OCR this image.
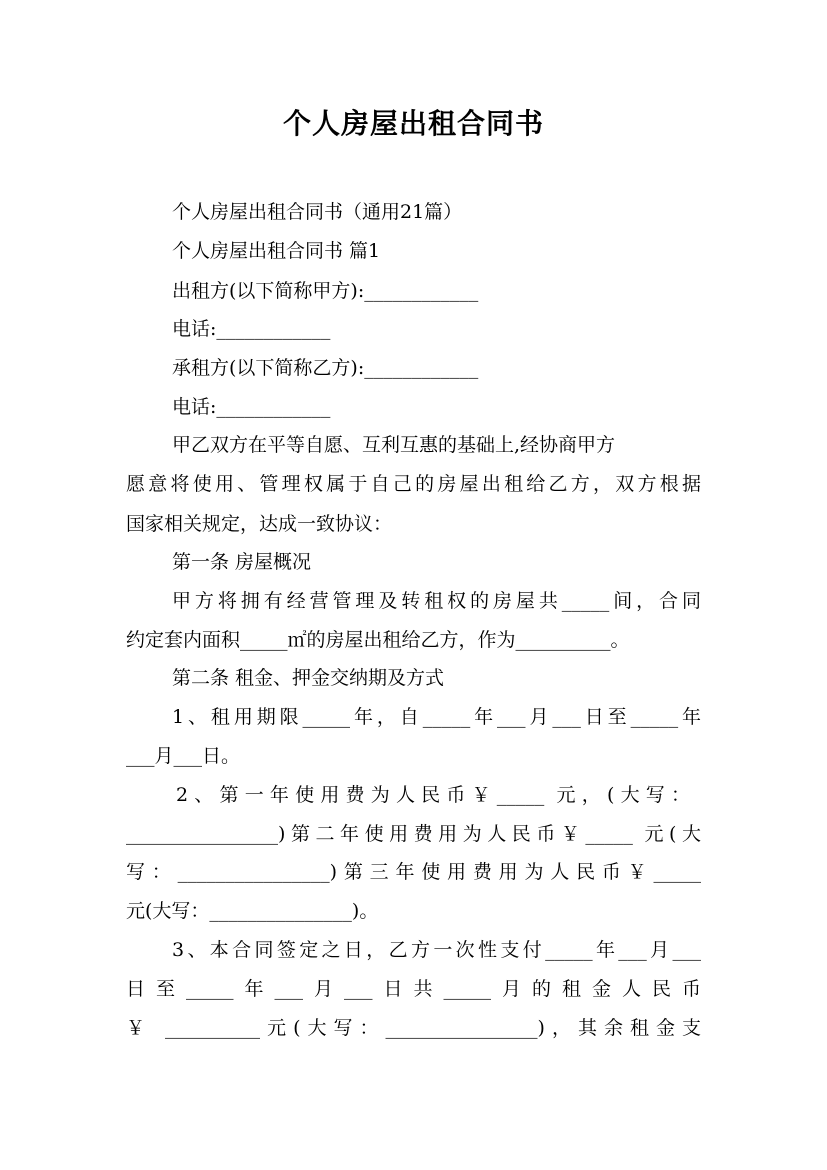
个人房屋出租合同书
个人房屋出租合同书（通用21篇）
个人房屋出租合同书 篇1
出租方(以下简称甲方):____________
电话:____________
承租方(以下简称乙方):____________
电话:____________
甲乙双方在平等自愿、互利互惠的基础上,经协商甲方
愿意将使用、管理权属于自己的房屋出租给乙方，双方根据
国家相关规定，达成一致协议：
第一条 房屋概况
甲方将拥有经营管理及转租权的房屋共_____间，合同
约定套内面积_____㎡的房屋出租给乙方，作为__________。
第二条 租金、押金交纳期及方式
1、租用期限_____年，自_____年___月___日至_____年
___月___日。
2、第一年使用费为人民币￥_____ 元，(大写：
________________)第二年使用费用为人民币￥_____ 元(大
写：________________)第三年使用费用为人民币￥_____
元(大写：_______________)。
3、本合同签定之日，乙方一次性支付_____年___月___
日至_____年___月___日共_____月的租金人民币
￥ __________元(大写：________________)，其余租金支
